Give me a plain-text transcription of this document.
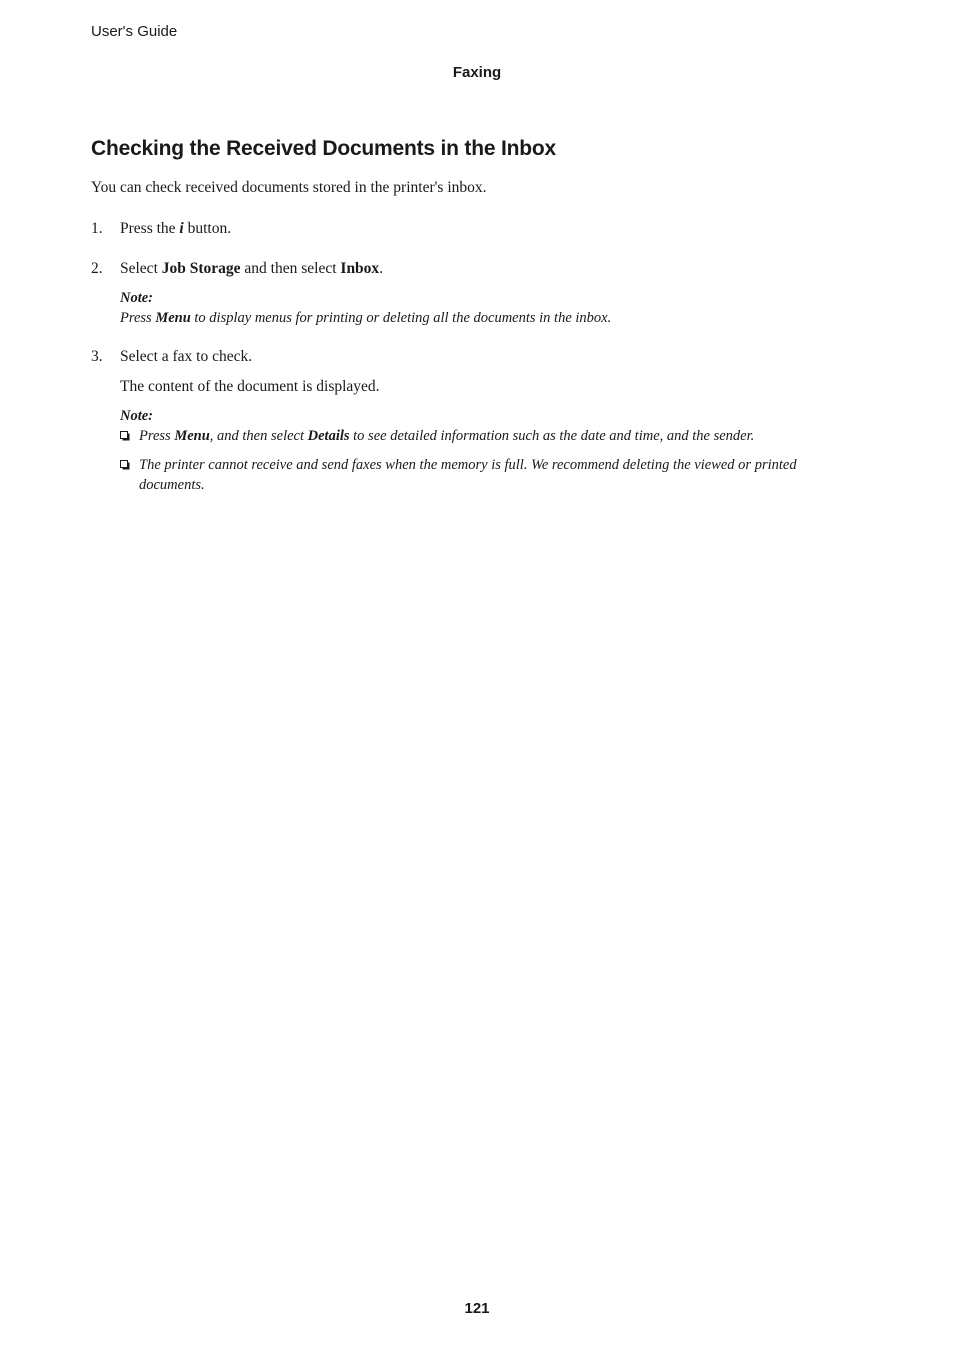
User's Guide
Faxing
Checking the Received Documents in the Inbox
You can check received documents stored in the printer's inbox.
1. Press the i button.
2. Select Job Storage and then select Inbox.
Note:
Press Menu to display menus for printing or deleting all the documents in the inbox.
3. Select a fax to check.
The content of the document is displayed.
Note:
Press Menu, and then select Details to see detailed information such as the date and time, and the sender.
The printer cannot receive and send faxes when the memory is full. We recommend deleting the viewed or printed documents.
121
